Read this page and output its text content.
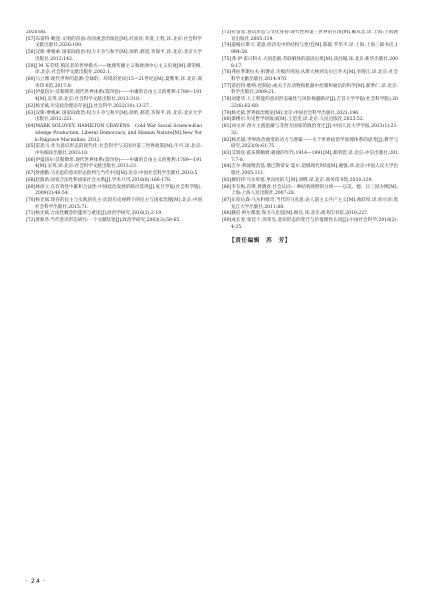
2020:88.

[57]布雷特·鲍登.文明的帝国:帝国观念的演化[M].杜富祥,李澄,王程,译.北京:社会科学文献出版社,2020:100.

[58]汉斯·摩根索.国家间政治:权力斗争与和平[M].徐昕,郝望,李保平,译.北京:北京大学出版社,2012:142.

[59]J M 布劳特.殖民者的世界模式——地理传播主义和欧洲中心主义史观[M].谭荣根,译.北京:社会科学文献出版社,2002:1.

[60]马立博.现代世界的起源:全球的、环境的述说(15—21世纪)[M].夏继果,译.北京:商务印书馆,2017:9.

[61]伊曼纽尔·沃勒斯坦.现代世界体系(第四卷)——中庸的自由主义的胜利:1789—1914[M].吴英,译.北京:社会科学文献出版社,2013:310.

[62]杨光斌.历史政治理论存论[J].社会科学,2022(10):13-27.

[63]汉斯·摩根索.国家间政治:权力斗争与和平[M].徐昕,郝望,李保平,译.北京:北京大学出版社,2012:221.

[64]MARK SOLOVEY, HAMILTON CRAVENS . Cold War Social Science:Knowledge Production, Liberal Democracy, and Human Nature[M].New York:Palgrave Macmillan, 2012.

[65]雷迅马.作为意识形态的现代化:社会科学与美国对第三世界政策[M].牛可,译.北京:中央编译出版社,2003:10.

[66]伊曼纽尔·沃勒斯坦.现代世界体系(第四卷)——中庸的自由主义的胜利:1789—1914[M].吴英,译.北京:社会科学文献出版社,2013:23.

[67]侯惠勤.马克思的意识形态批判与当代中国[M].北京:中国社会科学出版社,2010:5.

[68]赵鼎新.国家合法性和国家社会关系[J].学术月刊,2016(8):166-178.

[69]林尚立.在有效性中累积合法性:中国政治发展的路径选择[J].复旦学报(社会科学版),2009(2):46-54.

[70]杨光斌.现存的民主与实践的民主:比较历史视野下的民主与国家治理[M].北京:中国社会科学出版社,2015:71.

[71]杨光斌.合法性概念的滥用与重述[J].政治学研究,2016(2):2-19.

[72]黄新华.当代意识形态研究:一个文献综述[J].政治学研究,2003(3):58-65.

[73]拉雷恩.意识形态与文化身份:现代性和第三世界的在场[M].戴从容,译.上海:上海教育出版社,2005:119.

[74]道格拉斯 C 诺思.经济史中的结构与变迁[M].陈郁,罗华平,译.上海:上海三联书店,1994:58.

[75]弗·伊·雷日科夫.大国悲剧:苏联解体的前因后果[M].徐昌翰,译.北京:新华出版社,2008:17.

[76]弗拉季斯拉夫·祖博克.失败的帝国:从斯大林到戈尔巴乔夫[M].李晓江,译.北京:社会科学文献出版社,2014:470.

[77]诺伯特·维纳.控制论:或关于在动物和机器中控制和通信的科学[M].郝季仁,译.北京:科学出版社,2009:21.

[78]刘建华.人工智能的意识形态属性与风险规避路径[J].吉首大学学报(社会科学版),2022(6):62-69.

[79]杨光斌.世界政治理论[M].北京:中国社会科学出版社,2021:196.

[80]萧楼尔.历史哲学讲演录[M].王造堂,译.北京:人民出版社,2023:52.

[81]刘文祥.西方主流思潮与非西方国家的政治变迁[J].中国人民大学学报,2021(1):21-32.

[82]杨光斌.世界政治演变的动力与逻辑——关于世界政治学原理体系的思考[J].教学与研究,2023(9):61-75.

[83]艾瑞克·霍布斯鲍姆.极端的年代:1914—1991[M].郑明萱,译.北京:中信出版社,2017:7-8.

[84]吉尔·利波维茨基.塞巴斯蒂安·夏尔.超级现代时间[M].谢强,译.北京:中国人民大学出版社,2005:111.

[85]赫伯特·马尔库塞.单向度的人[M].刘继,译.北京:商务印书馆,2020:129.

[86]李友梅,肖瑛,黄晓春.社会认同:一种结构视野的分析——以美、德、日三国为例[M].上海:上海人民出版社,2007:28.

[87]东哈伍森·马尔科维奇.当代的马克思:论人道主义共产主义[M].曲跃厚,译.哈尔滨:黑龙江大学出版社,2011:88.

[88]赫伯·阿尔都塞.保卫马克思[M].顾良,译.北京:商务印书馆,2010:227.

[89]成长春,张廷干,汤荣光.意识形态的变迁与价值理性认同[J].中国社会科学,2018(2):4-25.

【责任编辑　苏　芳】
· 24 ·
